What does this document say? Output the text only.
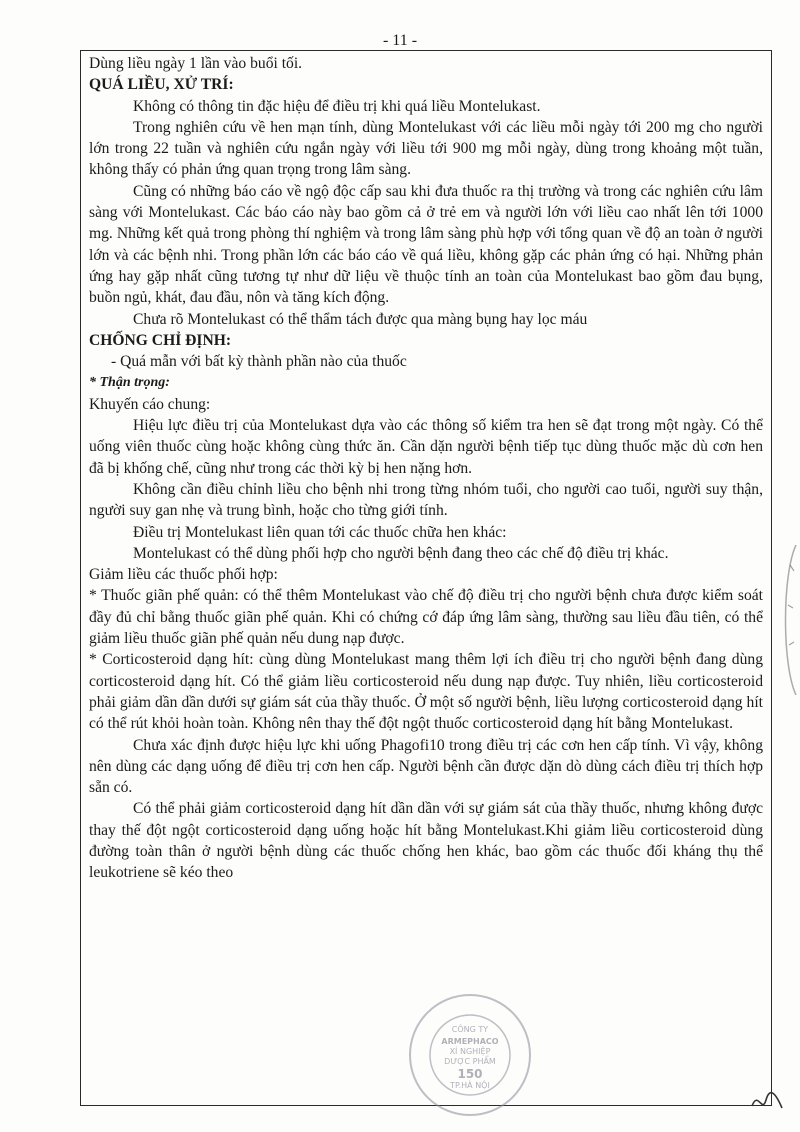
- 11 -

Dùng liều ngày 1 lần vào buổi tối.

QUÁ LIỀU, XỬ TRÍ:

Không có thông tin đặc hiệu để điều trị khi quá liều Montelukast.

Trong nghiên cứu về hen mạn tính, dùng Montelukast với các liều mỗi ngày tới 200 mg cho người lớn trong 22 tuần và nghiên cứu ngắn ngày với liều tới 900 mg mỗi ngày, dùng trong khoảng một tuần, không thấy có phản ứng quan trọng trong lâm sàng.

Cũng có những báo cáo về ngộ độc cấp sau khi đưa thuốc ra thị trường và trong các nghiên cứu lâm sàng với Montelukast. Các báo cáo này bao gồm cả ở trẻ em và người lớn với liều cao nhất lên tới 1000 mg. Những kết quả trong phòng thí nghiệm và trong lâm sàng phù hợp với tổng quan về độ an toàn ở người lớn và các bệnh nhi. Trong phần lớn các báo cáo về quá liều, không gặp các phản ứng có hại. Những phản ứng hay gặp nhất cũng tương tự như dữ liệu về thuộc tính an toàn của Montelukast bao gồm đau bụng, buồn ngủ, khát, đau đầu, nôn và tăng kích động.

Chưa rõ Montelukast có thể thẩm tách được qua màng bụng hay lọc máu

CHỐNG CHỈ ĐỊNH:

- Quá mẫn với bất kỳ thành phần nào của thuốc

* Thận trọng:

Khuyến cáo chung:

Hiệu lực điều trị của Montelukast dựa vào các thông số kiểm tra hen sẽ đạt trong một ngày. Có thể uống viên thuốc cùng hoặc không cùng thức ăn. Cần dặn người bệnh tiếp tục dùng thuốc mặc dù cơn hen đã bị khống chế, cũng như trong các thời kỳ bị hen nặng hơn.

Không cần điều chỉnh liều cho bệnh nhi trong từng nhóm tuổi, cho người cao tuổi, người suy thận, người suy gan nhẹ và trung bình, hoặc cho từng giới tính.

Điều trị Montelukast liên quan tới các thuốc chữa hen khác:

Montelukast có thể dùng phối hợp cho người bệnh đang theo các chế độ điều trị khác.

Giảm liều các thuốc phối hợp:

* Thuốc giãn phế quản: có thể thêm Montelukast vào chế độ điều trị cho người bệnh chưa được kiểm soát đầy đủ chỉ bằng thuốc giãn phế quản. Khi có chứng cớ đáp ứng lâm sàng, thường sau liều đầu tiên, có thể giảm liều thuốc giãn phế quản nếu dung nạp được.

* Corticosteroid dạng hít: cùng dùng Montelukast mang thêm lợi ích điều trị cho người bệnh đang dùng corticosteroid dạng hít. Có thể giảm liều corticosteroid nếu dung nạp được. Tuy nhiên, liều corticosteroid phải giảm dần dần dưới sự giám sát của thầy thuốc. Ở một số người bệnh, liều lượng corticosteroid dạng hít có thể rút khỏi hoàn toàn. Không nên thay thế đột ngột thuốc corticosteroid dạng hít bằng Montelukast.

Chưa xác định được hiệu lực khi uống Phagofi10 trong điều trị các cơn hen cấp tính. Vì vậy, không nên dùng các dạng uống để điều trị cơn hen cấp. Người bệnh cần được dặn dò dùng cách điều trị thích hợp sẵn có.

Có thể phải giảm corticosteroid dạng hít dần dần với sự giám sát của thầy thuốc, nhưng không được thay thế đột ngột corticosteroid dạng uống hoặc hít bằng Montelukast.Khi giảm liều corticosteroid dùng đường toàn thân ở người bệnh dùng các thuốc chống hen khác, bao gồm các thuốc đối kháng thụ thể leukotriene sẽ kéo theo

CÔNG TY
ARMEPHACO
XÍ NGHIỆP
DƯỢC PHẨM
150
TP.HÀ NỘI
